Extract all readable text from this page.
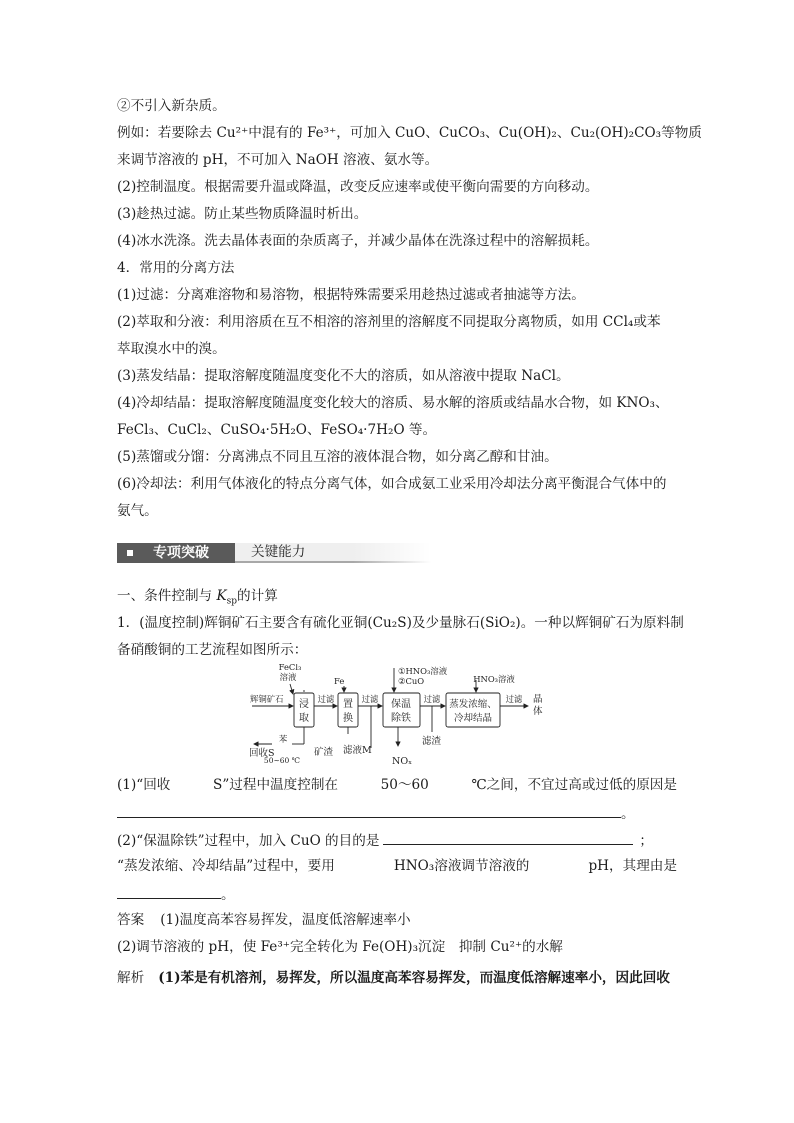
②不引入新杂质。
例如：若要除去 Cu²⁺中混有的 Fe³⁺，可加入 CuO、CuCO₃、Cu(OH)₂、Cu₂(OH)₂CO₃等物质
来调节溶液的 pH，不可加入 NaOH 溶液、氨水等。
(2)控制温度。根据需要升温或降温，改变反应速率或使平衡向需要的方向移动。
(3)趁热过滤。防止某些物质降温时析出。
(4)冰水洗涤。洗去晶体表面的杂质离子，并减少晶体在洗涤过程中的溶解损耗。
4．常用的分离方法
(1)过滤：分离难溶物和易溶物，根据特殊需要采用趁热过滤或者抽滤等方法。
(2)萃取和分液：利用溶质在互不相溶的溶剂里的溶解度不同提取分离物质，如用 CCl₄或苯
萃取溴水中的溴。
(3)蒸发结晶：提取溶解度随温度变化不大的溶质，如从溶液中提取 NaCl。
(4)冷却结晶：提取溶解度随温度变化较大的溶质、易水解的溶质或结晶水合物，如 KNO₃、
FeCl₃、CuCl₂、CuSO₄·5H₂O、FeSO₄·7H₂O 等。
(5)蒸馏或分馏：分离沸点不同且互溶的液体混合物，如分离乙醇和甘油。
(6)冷却法：利用气体液化的特点分离气体，如合成氨工业采用冷却法分离平衡混合气体中的
氨气。
专项突破	关键能力
一、条件控制与 $K_{sp}$的计算
1．(温度控制)辉铜矿石主要含有硫化亚铜(Cu₂S)及少量脉石(SiO₂)。一种以辉铜矿石为原料制
备硝酸铜的工艺流程如图所示：
FeCl₃
溶液	Fe
①HNO₃溶液
②CuO	HNO₃溶液
辉铜矿石 浸
取
置
换
保温
除铁
蒸发浓缩、
冷却结晶
过滤	过滤	过滤	过滤 晶
体
回收S
苯
50~60 ℃
矿渣 滤液M
NOₓ
滤渣
(1)“回收	S”过程中温度控制在	50～60	℃之间，不宜过高或过低的原因是
。
(2)“保温除铁”过程中，加入 CuO 的目的是	；
“蒸发浓缩、冷却结晶”过程中，要用	HNO₃溶液调节溶液的	pH，其理由是
。
答案 (1)温度高苯容易挥发，温度低溶解速率小
(2)调节溶液的 pH，使 Fe³⁺完全转化为 Fe(OH)₃沉淀　抑制 Cu²⁺的水解
解析 (1)苯是有机溶剂，易挥发，所以温度高苯容易挥发，而温度低溶解速率小，因此回收
